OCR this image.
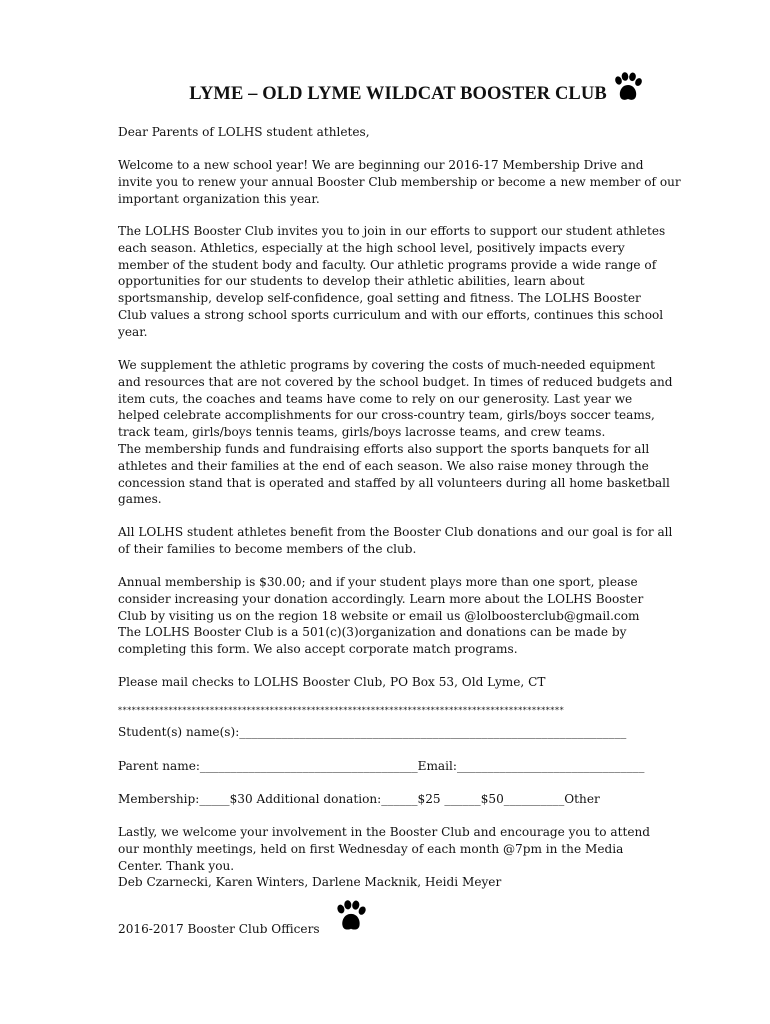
LYME – OLD LYME WILDCAT BOOSTER CLUB

Dear Parents of LOLHS student athletes,

Welcome to a new school year! We are beginning our 2016-17 Membership Drive and
invite you to renew your annual Booster Club membership or become a new member of our
important organization this year.

The LOLHS Booster Club invites you to join in our efforts to support our student athletes
each season. Athletics, especially at the high school level, positively impacts every
member of the student body and faculty. Our athletic programs provide a wide range of
opportunities for our students to develop their athletic abilities, learn about
sportsmanship, develop self-confidence, goal setting and fitness. The LOLHS Booster
Club values a strong school sports curriculum and with our efforts, continues this school
year.

We supplement the athletic programs by covering the costs of much-needed equipment
and resources that are not covered by the school budget. In times of reduced budgets and
item cuts, the coaches and teams have come to rely on our generosity. Last year we
helped celebrate accomplishments for our cross-country team, girls/boys soccer teams,
track team, girls/boys tennis teams, girls/boys lacrosse teams, and crew teams.
The membership funds and fundraising efforts also support the sports banquets for all
athletes and their families at the end of each season. We also raise money through the
concession stand that is operated and staffed by all volunteers during all home basketball
games.

All LOLHS student athletes benefit from the Booster Club donations and our goal is for all
of their families to become members of the club.

Annual membership is $30.00; and if your student plays more than one sport, please
consider increasing your donation accordingly. Learn more about the LOLHS Booster
Club by visiting us on the region 18 website or email us @lolboosterclub@gmail.com
The LOLHS Booster Club is a 501(c)(3)organization and donations can be made by
completing this form. We also accept corporate match programs.

Please mail checks to LOLHS Booster Club, PO Box 53, Old Lyme, CT

*************************************************************************************************

Student(s) name(s):________________________________________________________________

Parent name:____________________________________Email:_______________________________

Membership:_____$30 Additional donation:______$25 ______$50__________Other

Lastly, we welcome your involvement in the Booster Club and encourage you to attend
our monthly meetings, held on first Wednesday of each month @7pm in the Media
Center. Thank you.
Deb Czarnecki, Karen Winters, Darlene Macknik, Heidi Meyer

2016-2017 Booster Club Officers
